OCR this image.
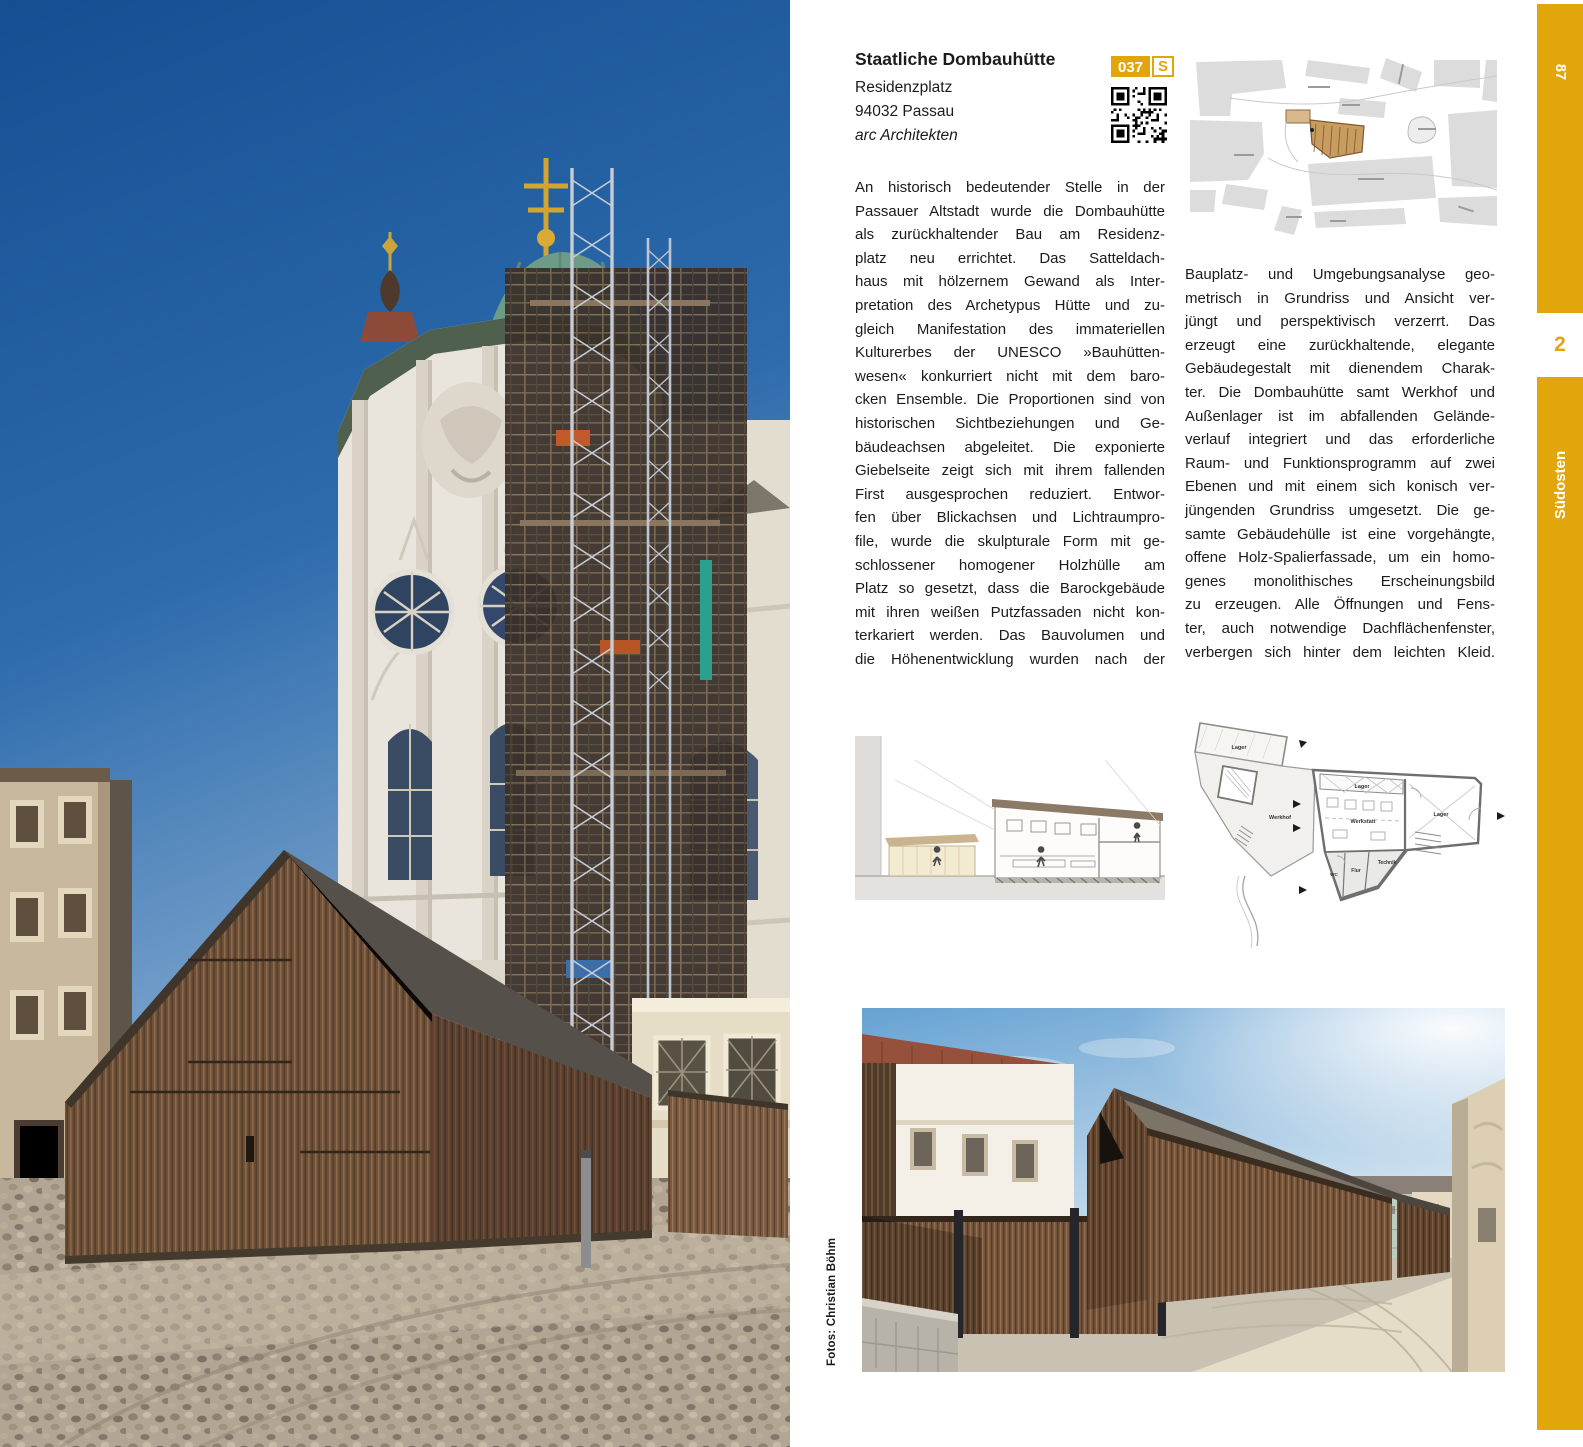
Staatliche Dombauhütte
Residenzplatz
94032 Passau
arc Architekten
037	S
An historisch bedeutender Stelle in der
Passauer Altstadt wurde die Dombauhütte
als zurückhaltender Bau am Residenz-
platz neu errichtet. Das Satteldach-
haus mit hölzernem Gewand als Inter-
pretation des Archetypus Hütte und zu-
gleich Manifestation des immateriellen
Kulturerbes der UNESCO »Bauhütten-
wesen« konkurriert nicht mit dem baro-
cken Ensemble. Die Proportionen sind von
historischen Sichtbeziehungen und Ge-
bäudeachsen abgeleitet. Die exponierte
Giebelseite zeigt sich mit ihrem fallenden
First ausgesprochen reduziert. Entwor-
fen über Blickachsen und Lichtraumpro-
file, wurde die skulpturale Form mit ge-
schlossener homogener Holzhülle am
Platz so gesetzt, dass die Barockgebäude
mit ihren weißen Putzfassaden nicht kon-
terkariert werden. Das Bauvolumen und
die Höhenentwicklung wurden nach der
Bauplatz- und Umgebungsanalyse geo-
metrisch in Grundriss und Ansicht ver-
jüngt und perspektivisch verzerrt. Das
erzeugt eine zurückhaltende, elegante
Gebäudegestalt mit dienendem Charak-
ter. Die Dombauhütte samt Werkhof und
Außenlager ist im abfallenden Gelände-
verlauf integriert und das erforderliche
Raum- und Funktionsprogramm auf zwei
Ebenen und mit einem sich konisch ver-
jüngenden Grundriss umgesetzt. Die ge-
samte Gebäudehülle ist eine vorgehängte,
offene Holz-Spalierfassade, um ein homo-
genes monolithisches Erscheinungsbild
zu erzeugen. Alle Öffnungen und Fens-
ter, auch notwendige Dachflächenfenster,
verbergen sich hinter dem leichten Kleid.
Lager
Werkhof
Lager
Lager
Werkstatt
WC
Flur
Technik
Fotos: Christian Böhm
87
2
Südosten
